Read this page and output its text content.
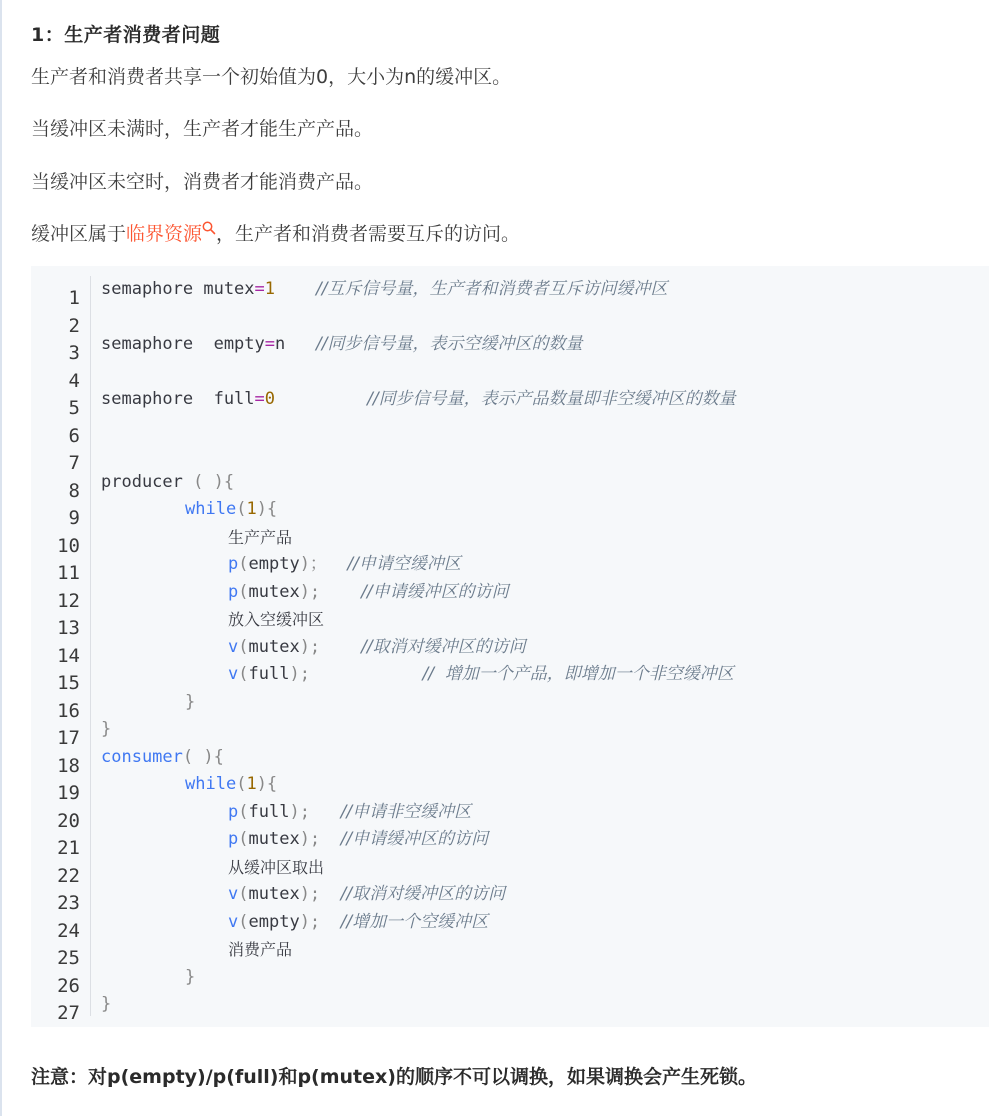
1：生产者消费者问题
生产者和消费者共享一个初始值为0，大小为n的缓冲区。
当缓冲区未满时，生产者才能生产产品。
当缓冲区未空时，消费者才能消费产品。
缓冲区属于临界资源 ，生产者和消费者需要互斥的访问。
1
2
3
4
5
6
7
8
9
10
11
12
13
14
15
16
17
18
19
20
21
22
23
24
25
26
27
semaphore mutex=1 //互斥信号量，生产者和消费者互斥访问缓冲区
semaphore  empty=n //同步信号量，表示空缓冲区的数量
semaphore  full=0	//同步信号量，表示产品数量即非空缓冲区的数量
producer ( ){
while(1){
生产产品
p(empty)； //申请空缓冲区
p(mutex); //申请缓冲区的访问
放入空缓冲区
v(mutex); //取消对缓冲区的访问
v(full);	//  增加一个产品，即增加一个非空缓冲区
}
}
consumer( ){
while(1){
p(full); //申请非空缓冲区
p(mutex); //申请缓冲区的访问
从缓冲区取出
v(mutex); //取消对缓冲区的访问
v(empty); //增加一个空缓冲区
消费产品
}
}
注意：对p(empty)/p(full)和p(mutex)的顺序不可以调换，如果调换会产生死锁。
